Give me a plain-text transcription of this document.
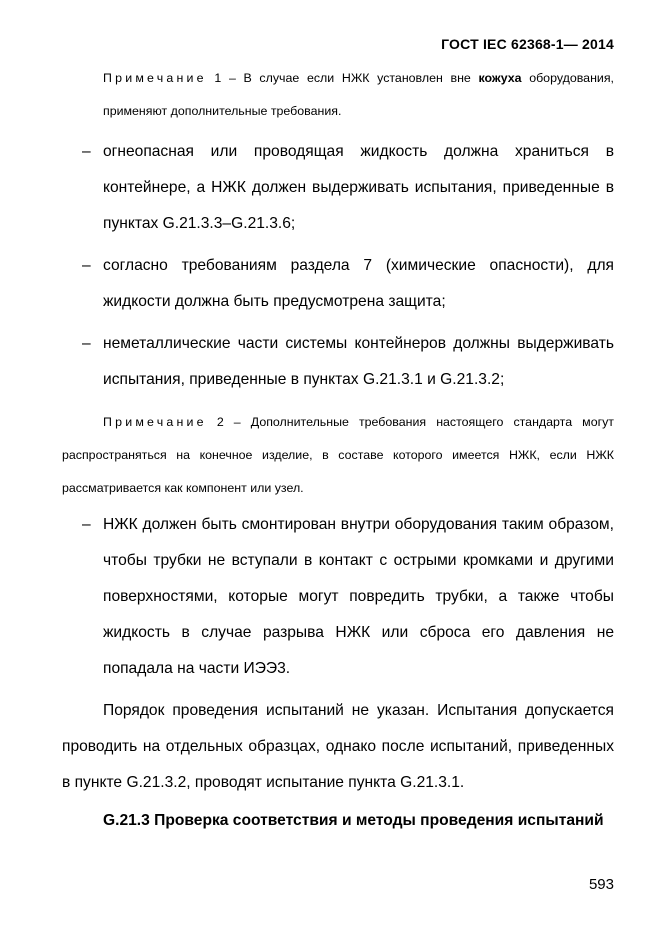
ГОСТ IEC 62368-1— 2014
Примечание 1 – В случае если НЖК установлен вне кожуха оборудования, применяют дополнительные требования.
– огнеопасная или проводящая жидкость должна храниться в контейнере, а НЖК должен выдерживать испытания, приведенные в пунктах G.21.3.3–G.21.3.6;
– согласно требованиям раздела 7 (химические опасности), для жидкости должна быть предусмотрена защита;
– неметаллические части системы контейнеров должны выдерживать испытания, приведенные в пунктах G.21.3.1 и G.21.3.2;
Примечание 2 – Дополнительные требования настоящего стандарта могут распространяться на конечное изделие, в составе которого имеется НЖК, если НЖК рассматривается как компонент или узел.
– НЖК должен быть смонтирован внутри оборудования таким образом, чтобы трубки не вступали в контакт с острыми кромками и другими поверхностями, которые могут повредить трубки, а также чтобы жидкость в случае разрыва НЖК или сброса его давления не попадала на части ИЭЭ3.
Порядок проведения испытаний не указан. Испытания допускается проводить на отдельных образцах, однако после испытаний, приведенных в пункте G.21.3.2, проводят испытание пункта G.21.3.1.
G.21.3 Проверка соответствия и методы проведения испытаний
593
